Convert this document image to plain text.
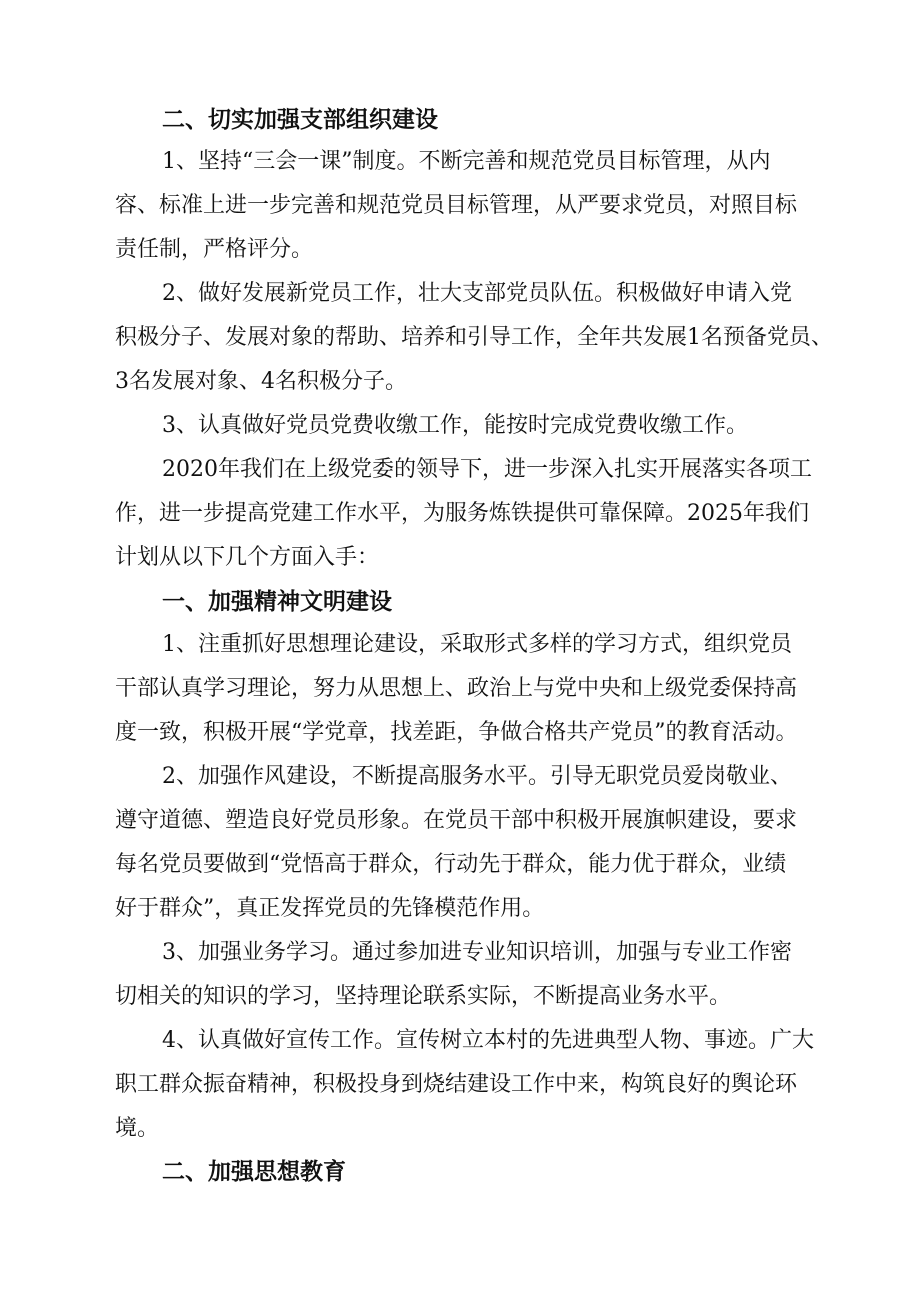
二、切实加强支部组织建设
1、坚持“三会一课”制度。不断完善和规范党员目标管理，从内
容、标准上进一步完善和规范党员目标管理，从严要求党员，对照目标
责任制，严格评分。
2、做好发展新党员工作，壮大支部党员队伍。积极做好申请入党
积极分子、发展对象的帮助、培养和引导工作，全年共发展1名预备党员、
3名发展对象、4名积极分子。
3、认真做好党员党费收缴工作，能按时完成党费收缴工作。
2020年我们在上级党委的领导下，进一步深入扎实开展落实各项工
作，进一步提高党建工作水平，为服务炼铁提供可靠保障。2025年我们
计划从以下几个方面入手：
一、加强精神文明建设
1、注重抓好思想理论建设，采取形式多样的学习方式，组织党员
干部认真学习理论，努力从思想上、政治上与党中央和上级党委保持高
度一致，积极开展“学党章，找差距，争做合格共产党员”的教育活动。
2、加强作风建设，不断提高服务水平。引导无职党员爱岗敬业、
遵守道德、塑造良好党员形象。在党员干部中积极开展旗帜建设，要求
每名党员要做到“党悟高于群众，行动先于群众，能力优于群众，业绩
好于群众”，真正发挥党员的先锋模范作用。
3、加强业务学习。通过参加进专业知识培训，加强与专业工作密
切相关的知识的学习，坚持理论联系实际，不断提高业务水平。
4、认真做好宣传工作。宣传树立本村的先进典型人物、事迹。广大
职工群众振奋精神，积极投身到烧结建设工作中来，构筑良好的舆论环
境。
二、加强思想教育
